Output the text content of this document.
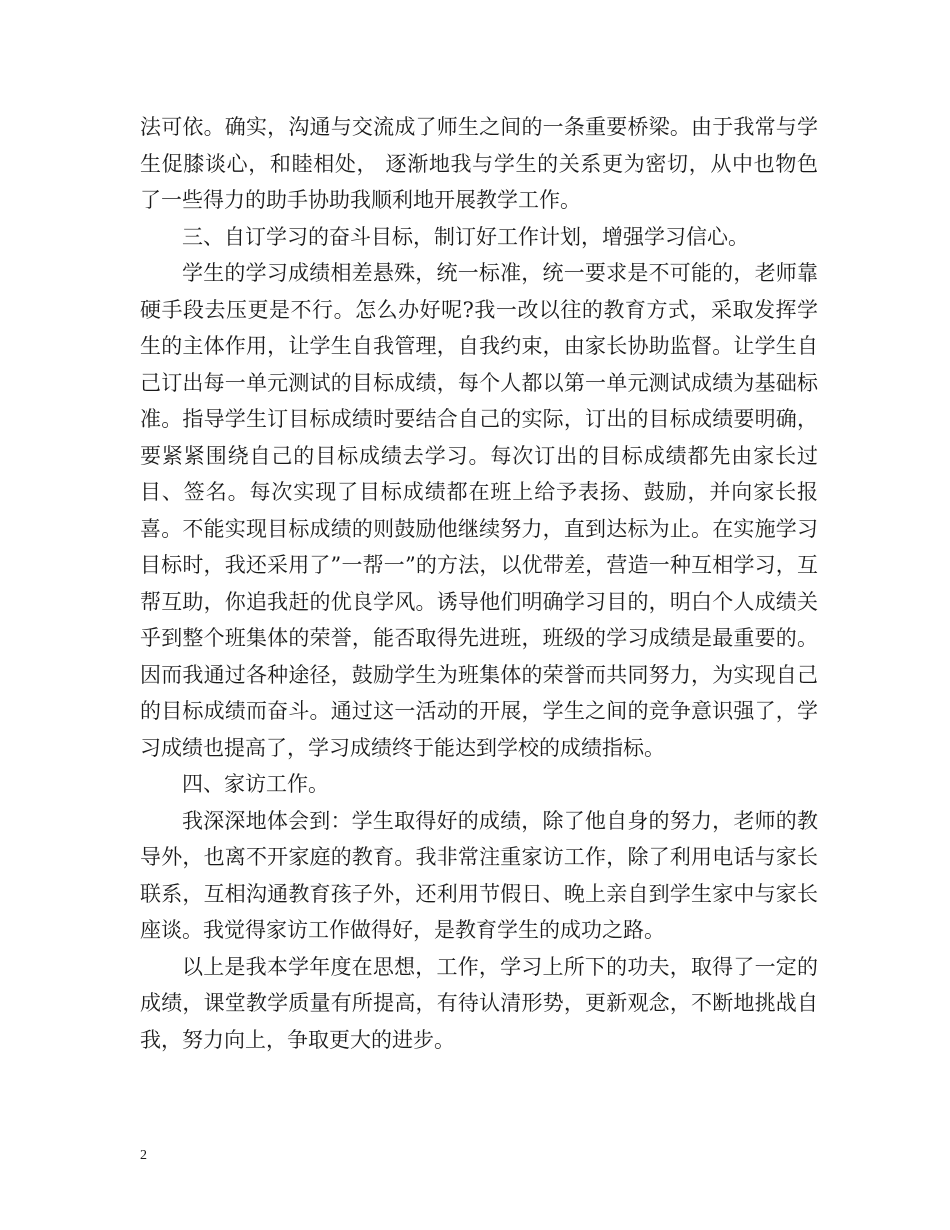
法可依。确实，沟通与交流成了师生之间的一条重要桥梁。由于我常与学生促膝谈心，和睦相处， 逐渐地我与学生的关系更为密切，从中也物色了一些得力的助手协助我顺利地开展教学工作。

三、自订学习的奋斗目标，制订好工作计划，增强学习信心。

学生的学习成绩相差悬殊，统一标准，统一要求是不可能的，老师靠硬手段去压更是不行。怎么办好呢?我一改以往的教育方式，采取发挥学生的主体作用，让学生自我管理，自我约束，由家长协助监督。让学生自己订出每一单元测试的目标成绩，每个人都以第一单元测试成绩为基础标准。指导学生订目标成绩时要结合自己的实际，订出的目标成绩要明确，要紧紧围绕自己的目标成绩去学习。每次订出的目标成绩都先由家长过目、签名。每次实现了目标成绩都在班上给予表扬、鼓励，并向家长报喜。不能实现目标成绩的则鼓励他继续努力，直到达标为止。在实施学习目标时，我还采用了”一帮一”的方法，以优带差，营造一种互相学习，互帮互助，你追我赶的优良学风。诱导他们明确学习目的，明白个人成绩关乎到整个班集体的荣誉，能否取得先进班，班级的学习成绩是最重要的。因而我通过各种途径，鼓励学生为班集体的荣誉而共同努力，为实现自己的目标成绩而奋斗。通过这一活动的开展，学生之间的竞争意识强了，学习成绩也提高了，学习成绩终于能达到学校的成绩指标。

四、家访工作。

我深深地体会到：学生取得好的成绩，除了他自身的努力，老师的教导外，也离不开家庭的教育。我非常注重家访工作，除了利用电话与家长联系，互相沟通教育孩子外，还利用节假日、晚上亲自到学生家中与家长座谈。我觉得家访工作做得好，是教育学生的成功之路。

以上是我本学年度在思想，工作，学习上所下的功夫，取得了一定的成绩，课堂教学质量有所提高，有待认清形势，更新观念，不断地挑战自我，努力向上，争取更大的进步。

2
